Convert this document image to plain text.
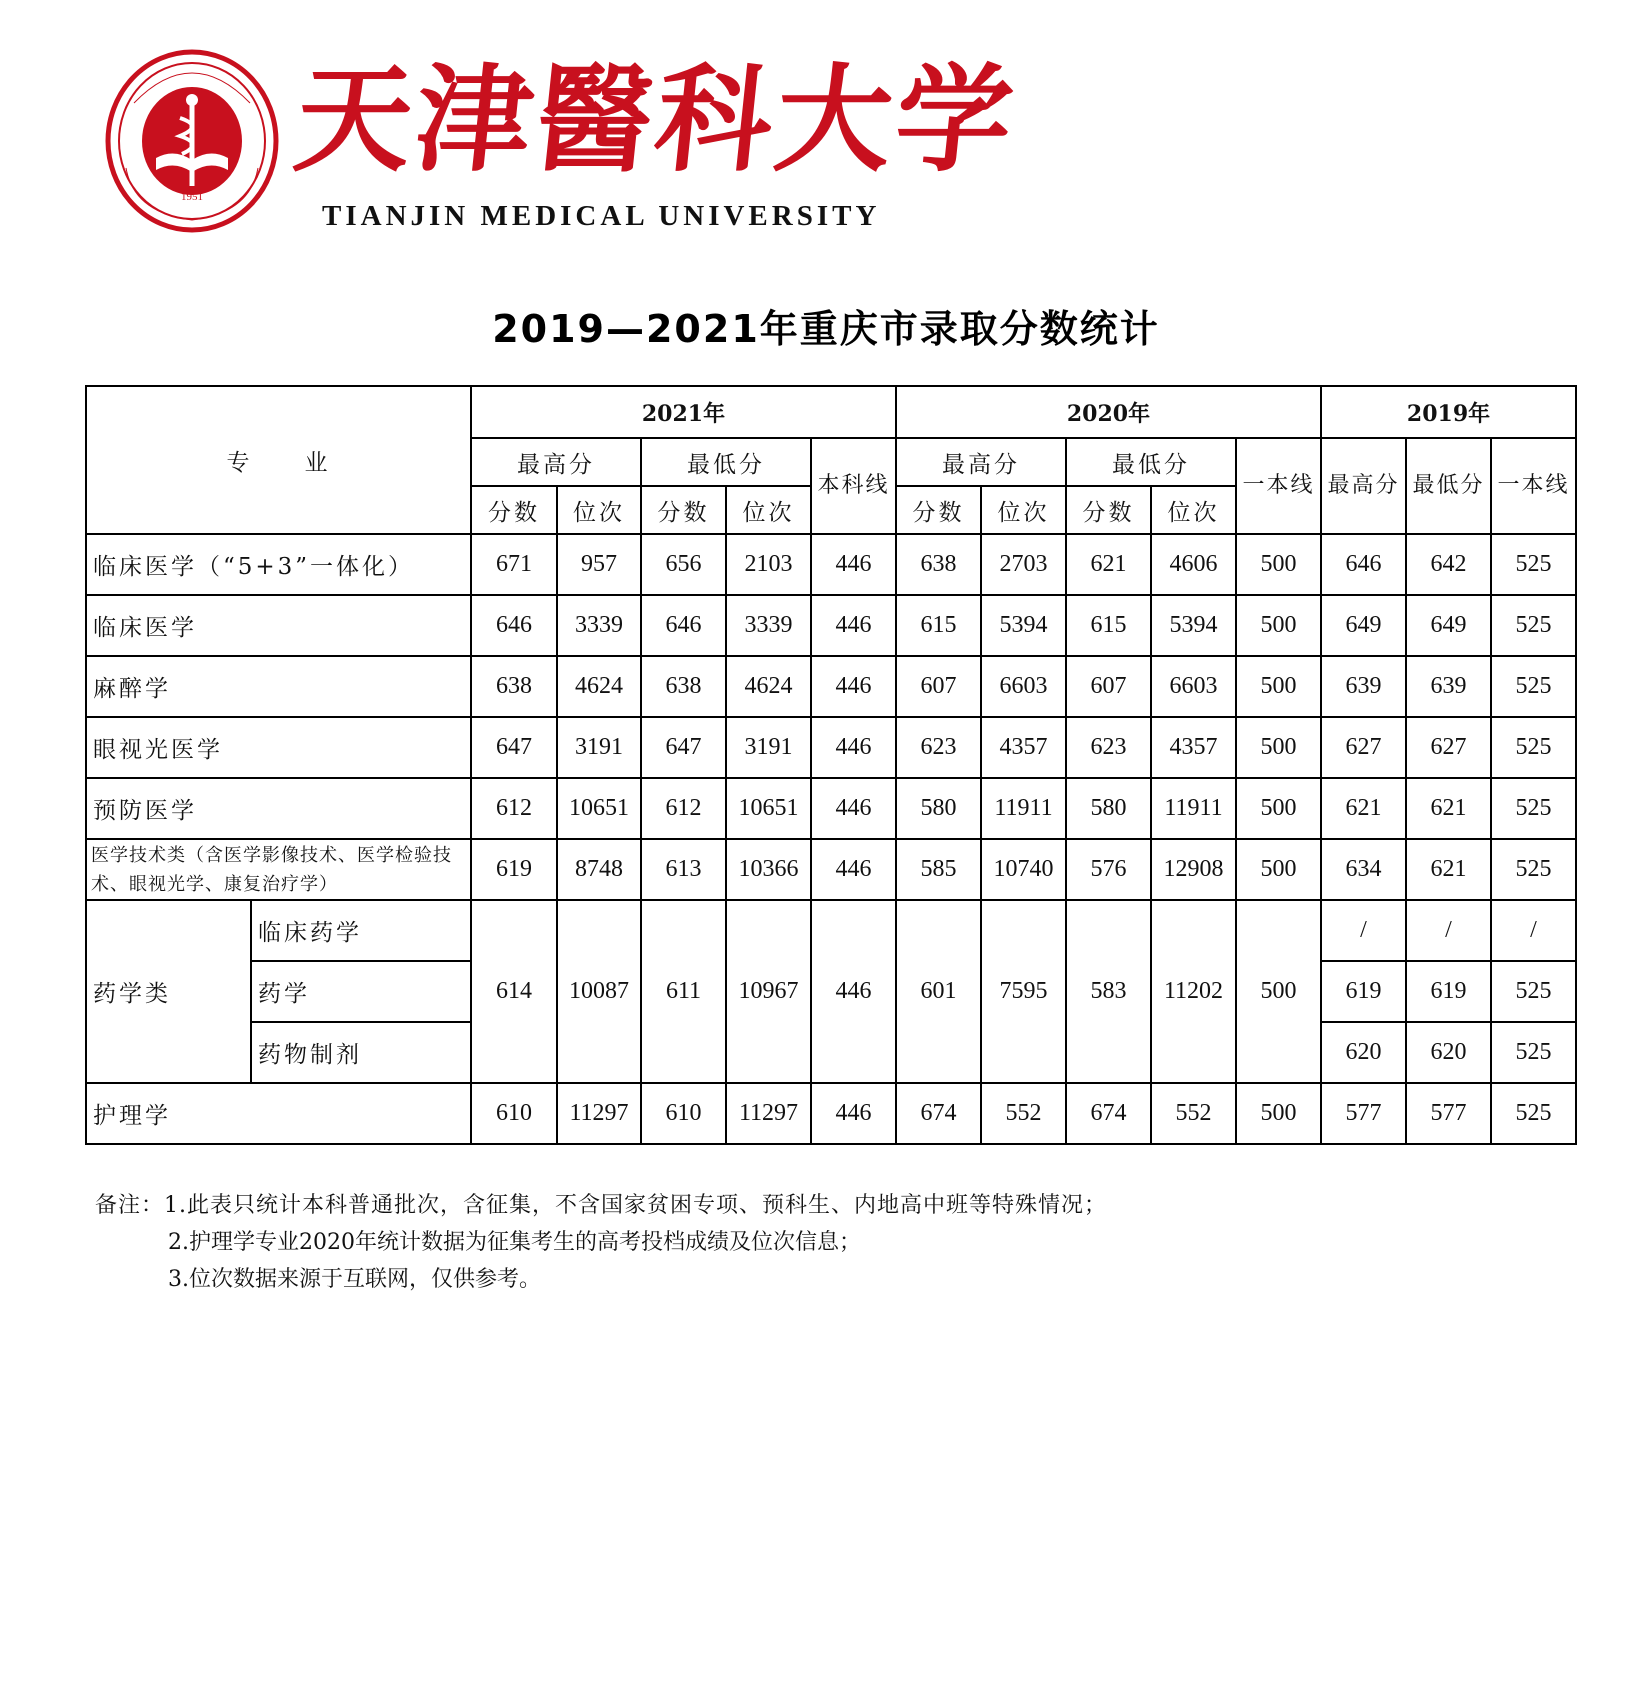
1951
天津醫科大学
TIANJIN MEDICAL UNIVERSITY
2019—2021年重庆市录取分数统计
专　　业		2021年					2020年					2019年		
		最高分		最低分		本科线	最高分		最低分		一本线	最高分	最低分	一本线
		分数	位次	分数	位次		分数	位次	分数	位次				
临床医学（“5+3”一体化）		671	957	656	2103	446	638	2703	621	4606	500	646	642	525
临床医学		646	3339	646	3339	446	615	5394	615	5394	500	649	649	525
麻醉学		638	4624	638	4624	446	607	6603	607	6603	500	639	639	525
眼视光医学		647	3191	647	3191	446	623	4357	623	4357	500	627	627	525
预防医学		612	10651	612	10651	446	580	11911	580	11911	500	621	621	525
医学技术类（含医学影像技术、医学检验技术、眼视光学、康复治疗学）		619	8748	613	10366	446	585	10740	576	12908	500	634	621	525
药学类	临床药学	614	10087	611	10967	446	601	7595	583	11202	500	/	/	/
	药学											619	619	525
	药物制剂											620	620	525
护理学		610	11297	610	11297	446	674	552	674	552	500	577	577	525
备注：1.此表只统计本科普通批次，含征集，不含国家贫困专项、预科生、内地高中班等特殊情况；
2.护理学专业2020年统计数据为征集考生的高考投档成绩及位次信息；
3.位次数据来源于互联网，仅供参考。
